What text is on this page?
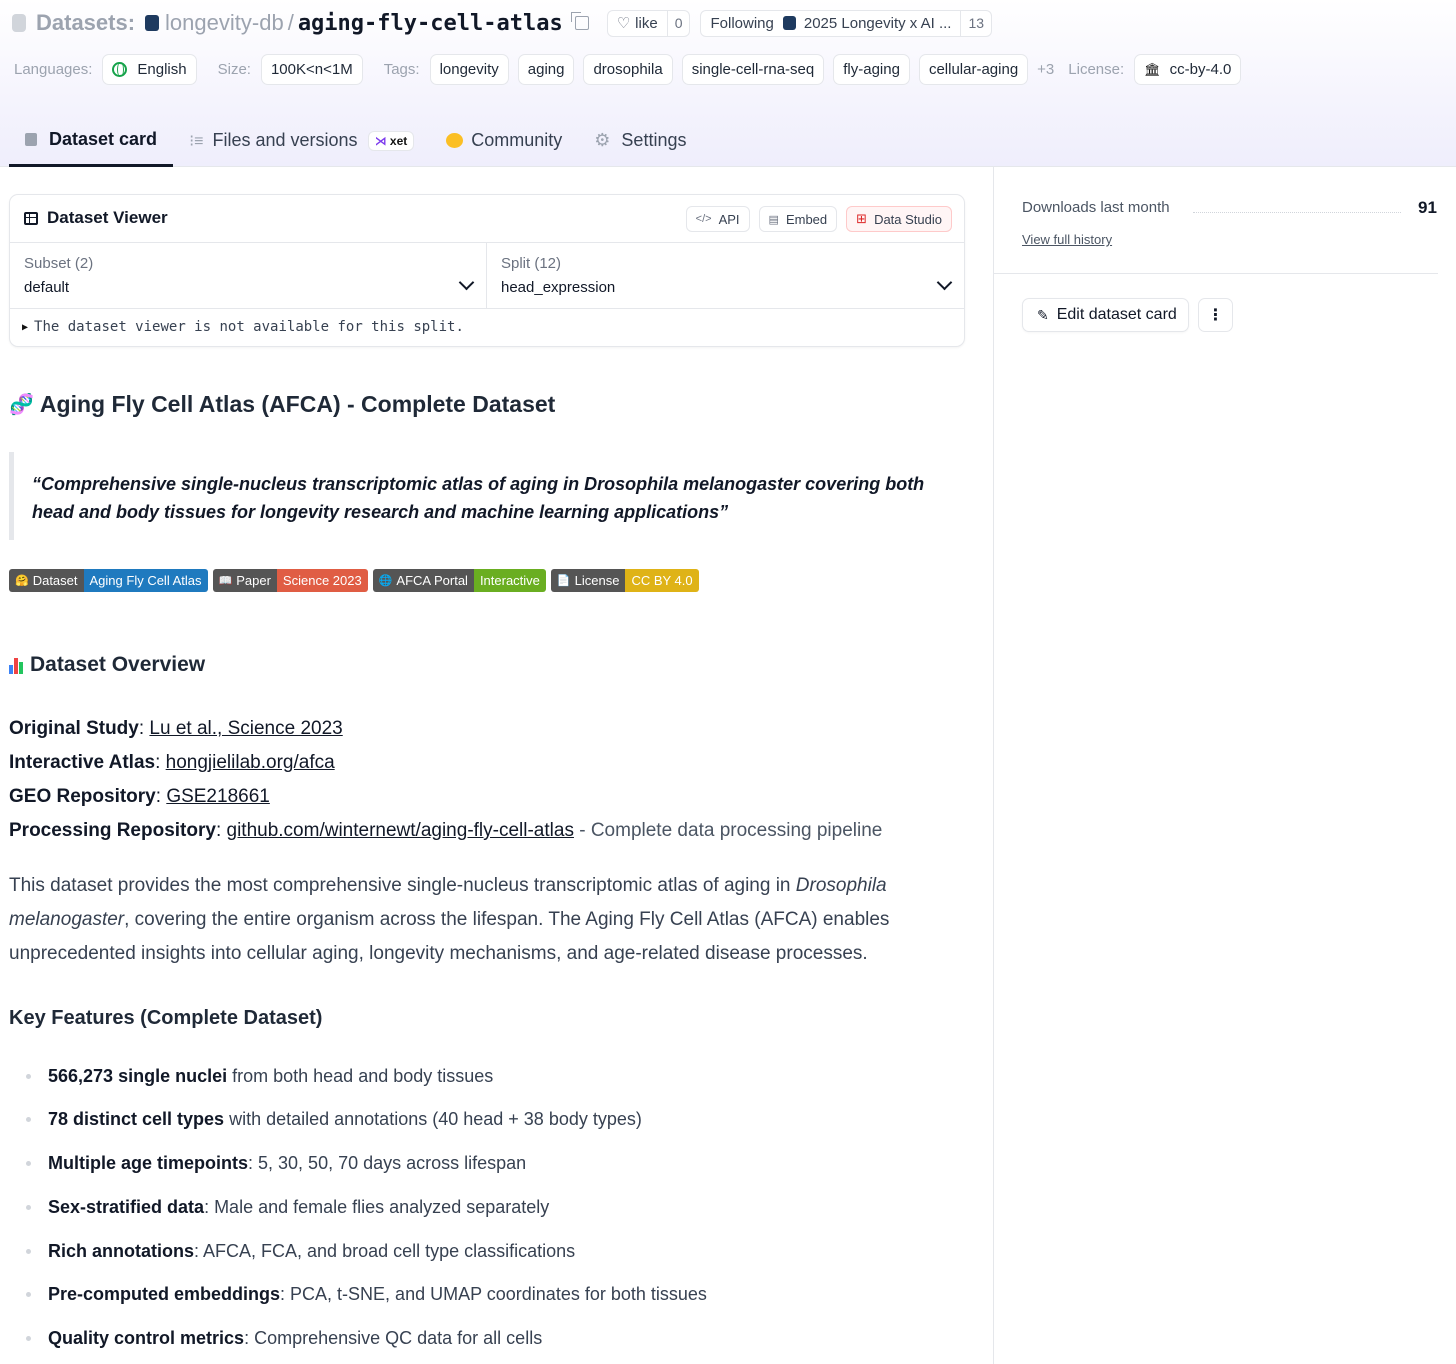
Datasets: longevity-db / aging-fly-cell-atlas	♡ like	0	Following 2025 Longevity x AI ...	13
Languages:	English Size:	100K<n<1M	Tags:	longevity	aging	drosophila	single-cell-rna-seq	fly-aging	cellular-aging	+3 License: 🏛 cc-by-4.0
Dataset card ⁝≡ Files and versions	⋊ xet	Community ⚙ Settings
Dataset Viewer	</> API	▤ Embed ⊞ Data Studio
Subset (2)
default
Split (12)
head_expression
▶ The dataset viewer is not available for this split.
🧬 Aging Fly Cell Atlas (AFCA) - Complete Dataset
“Comprehensive single-nucleus transcriptomic atlas of aging in Drosophila melanogaster covering both head and body tissues for longevity research and machine learning applications”
🤗 Dataset Aging Fly Cell Atlas	📖 Paper Science 2023	🌐 AFCA Portal Interactive	📄 License CC BY 4.0
Dataset Overview
Original Study: Lu et al., Science 2023
Interactive Atlas: hongjielilab.org/afca
GEO Repository: GSE218661
Processing Repository: github.com/winternewt/aging-fly-cell-atlas - Complete data processing pipeline
This dataset provides the most comprehensive single-nucleus transcriptomic atlas of aging in Drosophila
melanogaster, covering the entire organism across the lifespan. The Aging Fly Cell Atlas (AFCA) enables
unprecedented insights into cellular aging, longevity mechanisms, and age-related disease processes.
Key Features (Complete Dataset)
566,273 single nuclei from both head and body tissues
78 distinct cell types with detailed annotations (40 head + 38 body types)
Multiple age timepoints : 5, 30, 50, 70 days across lifespan
Sex-stratified data : Male and female flies analyzed separately
Rich annotations : AFCA, FCA, and broad cell type classifications
Pre-computed embeddings : PCA, t-SNE, and UMAP coordinates for both tissues
Quality control metrics : Comprehensive QC data for all cells
Downloads last month	91
View full history
✎ Edit dataset card ⋮
